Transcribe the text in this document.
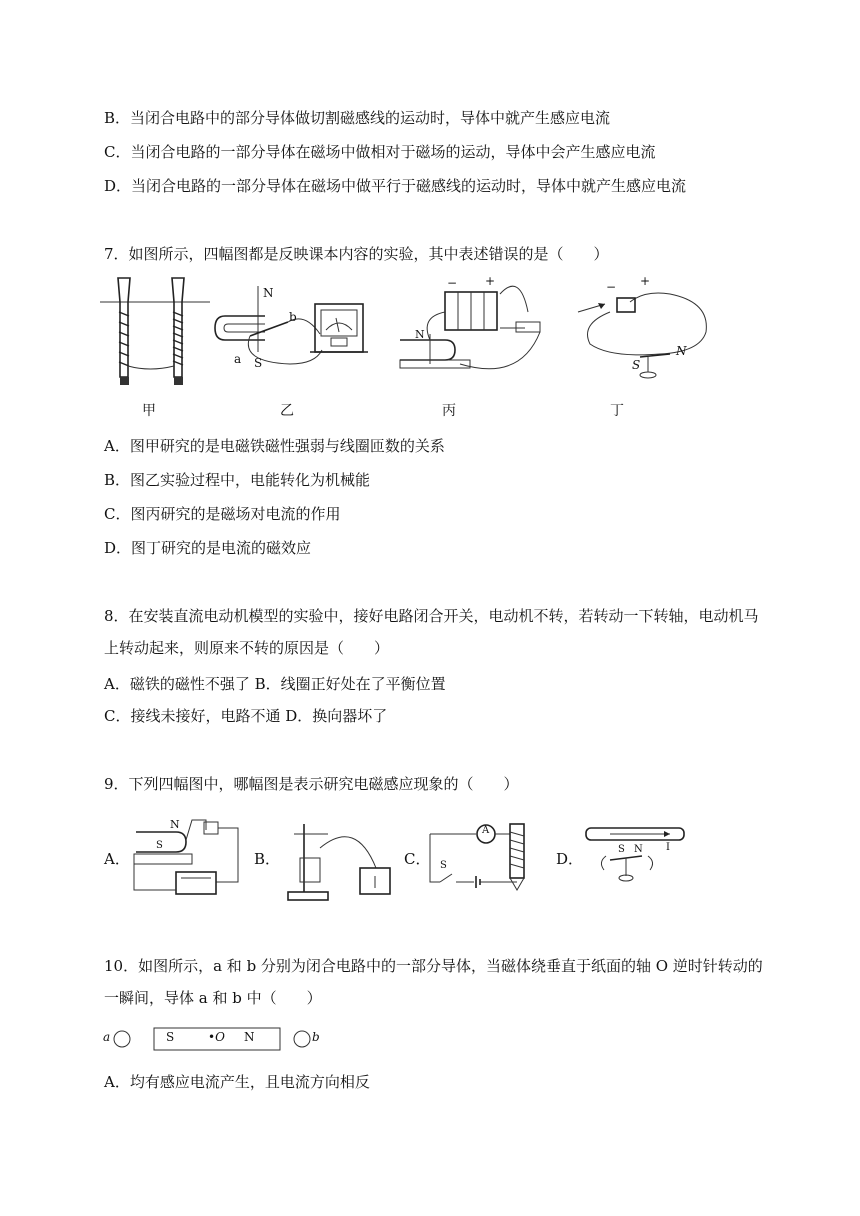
B．当闭合电路中的部分导体做切割磁感线的运动时，导体中就产生感应电流
C．当闭合电路的一部分导体在磁场中做相对于磁场的运动，导体中会产生感应电流
D．当闭合电路的一部分导体在磁场中做平行于磁感线的运动时，导体中就产生感应电流
7．如图所示，四幅图都是反映课本内容的实验，其中表述错误的是（　　）
N
S
a
b
N
− +
S
N
− +
甲	乙	丙	丁
A．图甲研究的是电磁铁磁性强弱与线圈匝数的关系
B．图乙实验过程中，电能转化为机械能
C．图丙研究的是磁场对电流的作用
D．图丁研究的是电流的磁效应
8．在安装直流电动机模型的实验中，接好电路闭合开关，电动机不转，若转动一下转轴，电动机马
上转动起来，则原来不转的原因是（　　）
A．磁铁的磁性不强了 B．线圈正好处在了平衡位置
C．接线未接好，电路不通 D．换向器坏了
9．下列四幅图中，哪幅图是表示研究电磁感应现象的（　　）
A．
N
S
B．	C．
A
S	D．
S N I
10．如图所示，a 和 b 分别为闭合电路中的一部分导体，当磁体绕垂直于纸面的轴 O 逆时针转动的
一瞬间，导体 a 和 b 中（　　）
a	S	•O N	b
A．均有感应电流产生，且电流方向相反
